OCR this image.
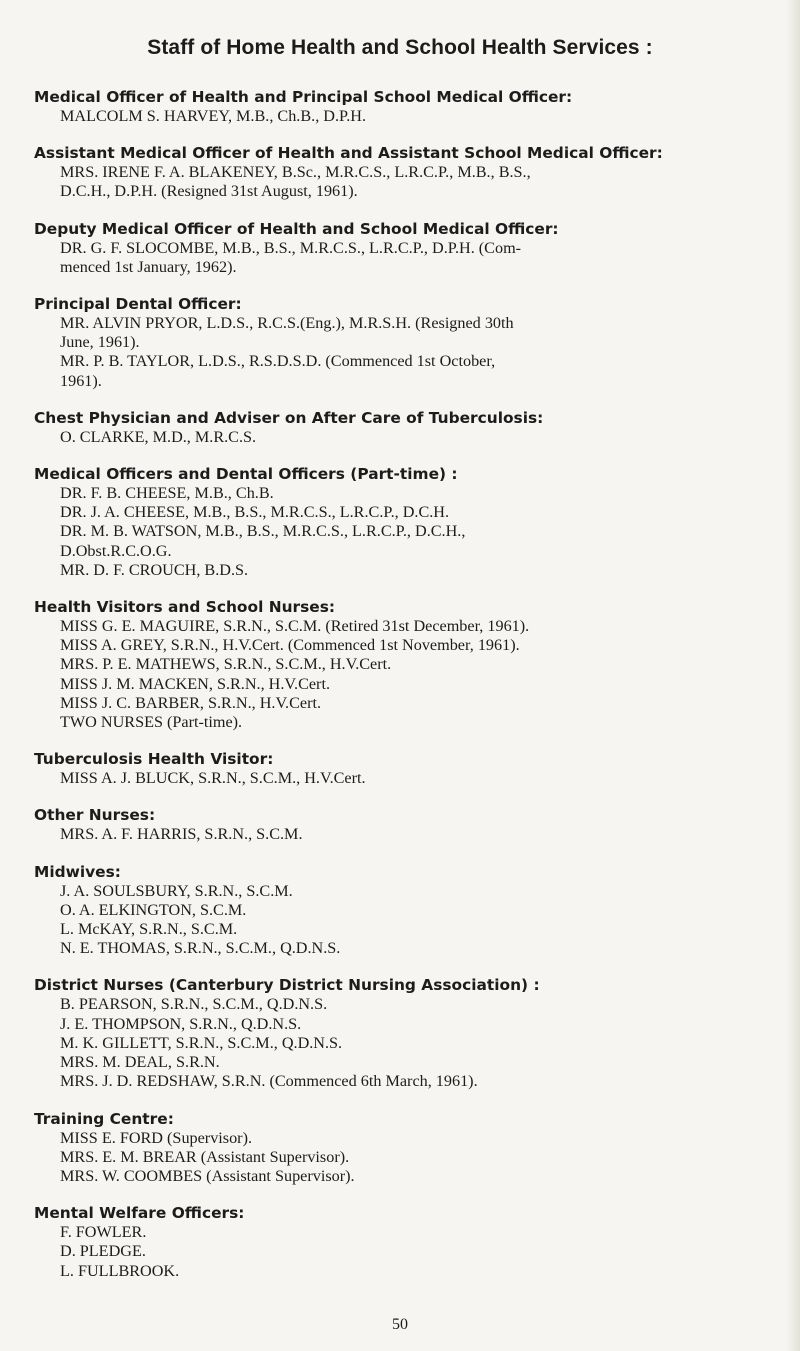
Staff of Home Health and School Health Services :
Medical Officer of Health and Principal School Medical Officer:
MALCOLM S. HARVEY, M.B., Ch.B., D.P.H.
Assistant Medical Officer of Health and Assistant School Medical Officer:
MRS. IRENE F. A. BLAKENEY, B.Sc., M.R.C.S., L.R.C.P., M.B., B.S.,
D.C.H., D.P.H. (Resigned 31st August, 1961).
Deputy Medical Officer of Health and School Medical Officer:
DR. G. F. SLOCOMBE, M.B., B.S., M.R.C.S., L.R.C.P., D.P.H. (Com-
menced 1st January, 1962).
Principal Dental Officer:
MR. ALVIN PRYOR, L.D.S., R.C.S.(Eng.), M.R.S.H. (Resigned 30th
June, 1961).
MR. P. B. TAYLOR, L.D.S., R.S.D.S.D. (Commenced 1st October,
1961).
Chest Physician and Adviser on After Care of Tuberculosis:
O. CLARKE, M.D., M.R.C.S.
Medical Officers and Dental Officers (Part-time) :
DR. F. B. CHEESE, M.B., Ch.B.
DR. J. A. CHEESE, M.B., B.S., M.R.C.S., L.R.C.P., D.C.H.
DR. M. B. WATSON, M.B., B.S., M.R.C.S., L.R.C.P., D.C.H.,
D.Obst.R.C.O.G.
MR. D. F. CROUCH, B.D.S.
Health Visitors and School Nurses:
MISS G. E. MAGUIRE, S.R.N., S.C.M. (Retired 31st December, 1961).
MISS A. GREY, S.R.N., H.V.Cert. (Commenced 1st November, 1961).
MRS. P. E. MATHEWS, S.R.N., S.C.M., H.V.Cert.
MISS J. M. MACKEN, S.R.N., H.V.Cert.
MISS J. C. BARBER, S.R.N., H.V.Cert.
TWO NURSES (Part-time).
Tuberculosis Health Visitor:
MISS A. J. BLUCK, S.R.N., S.C.M., H.V.Cert.
Other Nurses:
MRS. A. F. HARRIS, S.R.N., S.C.M.
Midwives:
J. A. SOULSBURY, S.R.N., S.C.M.
O. A. ELKINGTON, S.C.M.
L. McKAY, S.R.N., S.C.M.
N. E. THOMAS, S.R.N., S.C.M., Q.D.N.S.
District Nurses (Canterbury District Nursing Association) :
B. PEARSON, S.R.N., S.C.M., Q.D.N.S.
J. E. THOMPSON, S.R.N., Q.D.N.S.
M. K. GILLETT, S.R.N., S.C.M., Q.D.N.S.
MRS. M. DEAL, S.R.N.
MRS. J. D. REDSHAW, S.R.N. (Commenced 6th March, 1961).
Training Centre:
MISS E. FORD (Supervisor).
MRS. E. M. BREAR (Assistant Supervisor).
MRS. W. COOMBES (Assistant Supervisor).
Mental Welfare Officers:
F. FOWLER.
D. PLEDGE.
L. FULLBROOK.
50
